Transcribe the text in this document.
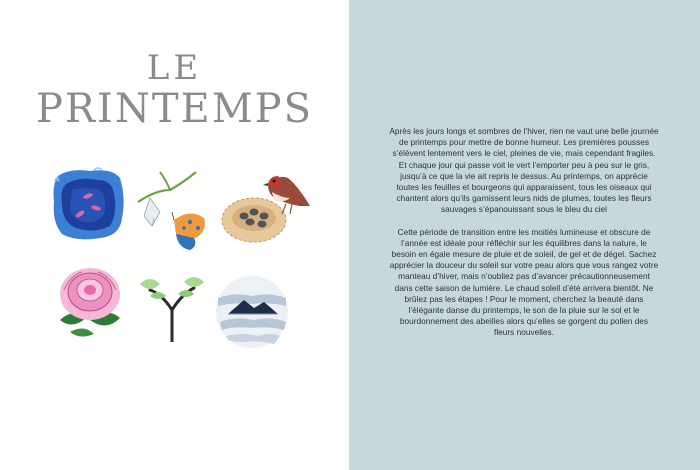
LE
PRINTEMPS	Après les jours longs et sombres de l’hiver, rien ne vaut une belle journée de printemps pour mettre de bonne humeur. Les premières pousses s’élèvent lentement vers le ciel, pleines de vie, mais cependant fragiles. Et chaque jour qui passe voit le vert l’emporter peu à peu sur le gris, jusqu’à ce que la vie ait repris le dessus. Au printemps, on apprécie toutes les feuilles et bourgeons qui apparaissent, tous les oiseaux qui chantent alors qu’ils garnissent leurs nids de plumes, toutes les fleurs sauvages s’épanouissant sous le bleu du ciel

Cette période de transition entre les moitiés lumineuse et obscure de l’année est idéale pour réfléchir sur les équilibres dans la nature, le besoin en égale mesure de pluie et de soleil, de gel et de dégel. Sachez apprécier la douceur du soleil sur votre peau alors que vous rangez votre manteau d’hiver, mais n’oubliez pas d’avancer précautionneusement dans cette saison de lumière. Le chaud soleil d’été arrivera bientôt. Ne brûlez pas les étapes ! Pour le moment, cherchez la beauté dans l’élégante danse du printemps, le son de la pluie sur le sol et le bourdonnement des abeilles alors qu’elles se gorgent du pollen des fleurs nouvelles.
